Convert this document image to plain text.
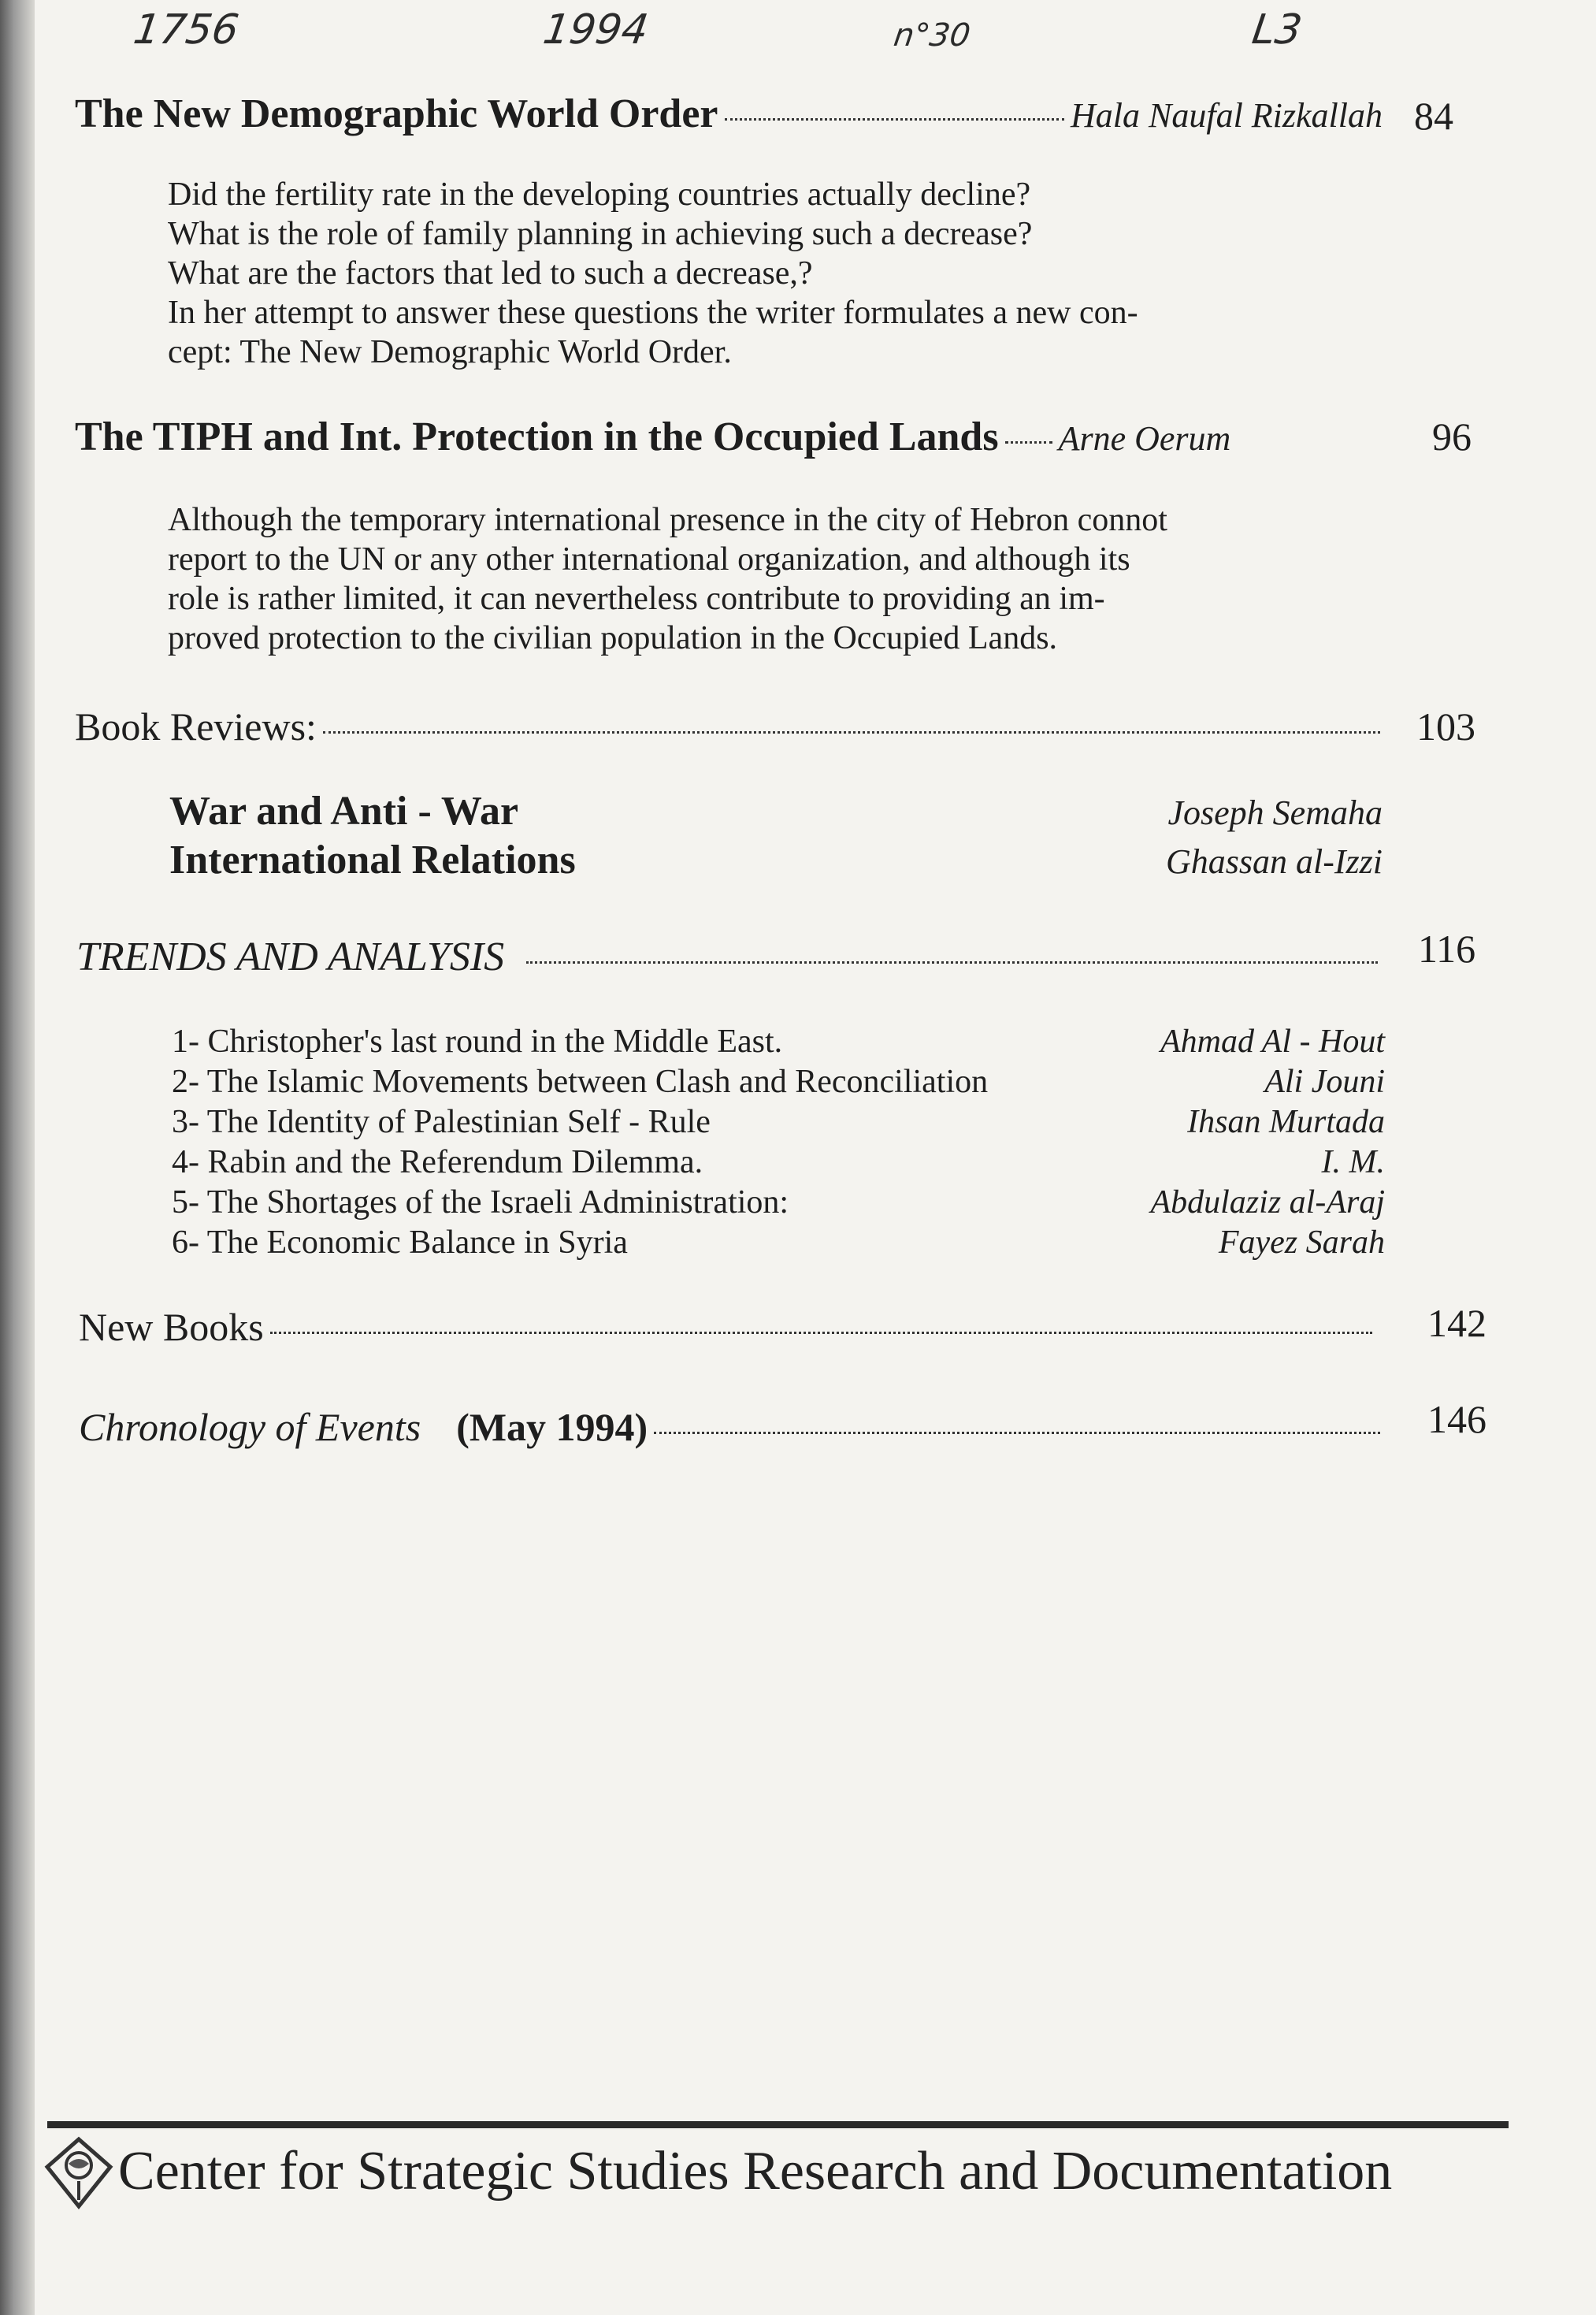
1756	1994	n°30	L3
The New Demographic World Order	Hala Naufal Rizkallah 84
Did the fertility rate in the developing countries actually decline?
What is the role of family planning in achieving such a decrease?
What are the factors that led to such a decrease,?
In her attempt to answer these questions the writer formulates a new con-
cept: The New Demographic World Order.
The TIPH and Int. Protection in the Occupied Lands Arne Oerum	96
Although the temporary international presence in the city of Hebron connot
report to the UN or any other international organization, and although its
role is rather limited, it can nevertheless contribute to providing an im-
proved protection to the civilian population in the Occupied Lands.
Book Reviews:	103
War and Anti - War	Joseph Semaha
International Relations	Ghassan al-Izzi
TRENDS AND ANALYSIS	116
1- Christopher's last round in the Middle East.	Ahmad Al - Hout
2- The Islamic Movements between Clash and Reconciliation	Ali Jouni
3- The Identity of Palestinian Self - Rule	Ihsan Murtada
4- Rabin and the Referendum Dilemma.	I. M.
5- The Shortages of the Israeli Administration:	Abdulaziz al-Araj
6- The Economic Balance in Syria	Fayez Sarah
New Books	142
Chronology of Events (May 1994)	146
Center for Strategic Studies Research and Documentation
